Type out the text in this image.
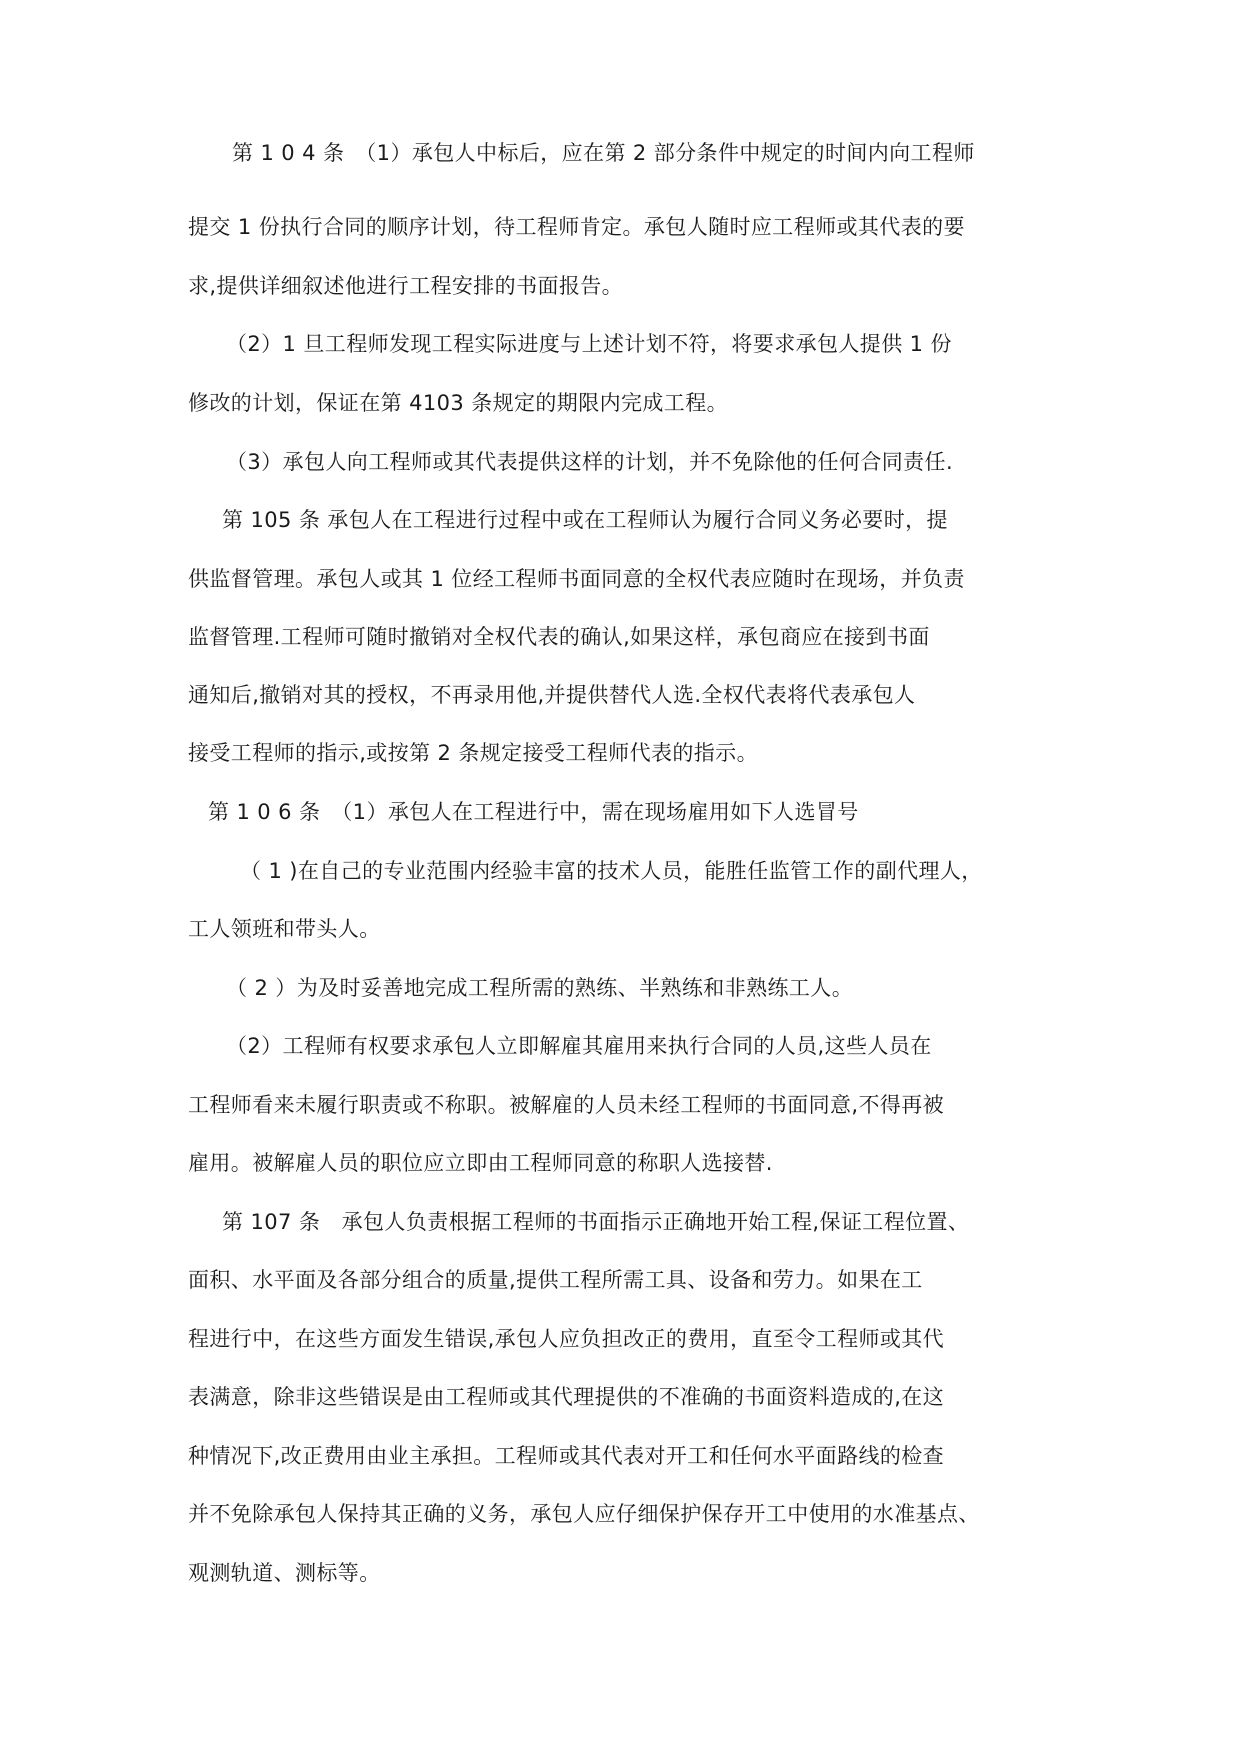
第 1 0 4 条　（1）承包人中标后，应在第 2 部分条件中规定的时间内向工程师
提交 1 份执行合同的顺序计划，待工程师肯定。承包人随时应工程师或其代表的要
求,提供详细叙述他进行工程安排的书面报告。
（2）1 旦工程师发现工程实际进度与上述计划不符，将要求承包人提供 1 份
修改的计划，保证在第 4103 条规定的期限内完成工程。
（3）承包人向工程师或其代表提供这样的计划，并不免除他的任何合同责任.
第 105 条 承包人在工程进行过程中或在工程师认为履行合同义务必要时，提
供监督管理。承包人或其 1 位经工程师书面同意的全权代表应随时在现场，并负责
监督管理.工程师可随时撤销对全权代表的确认,如果这样，承包商应在接到书面
通知后,撤销对其的授权，不再录用他,并提供替代人选.全权代表将代表承包人
接受工程师的指示,或按第 2 条规定接受工程师代表的指示。
第 1 0 6 条　（1）承包人在工程进行中，需在现场雇用如下人选冒号
（ 1 )在自己的专业范围内经验丰富的技术人员，能胜任监管工作的副代理人，
工人领班和带头人。
（ 2 ）为及时妥善地完成工程所需的熟练、半熟练和非熟练工人。
（2）工程师有权要求承包人立即解雇其雇用来执行合同的人员,这些人员在
工程师看来未履行职责或不称职。被解雇的人员未经工程师的书面同意,不得再被
雇用。被解雇人员的职位应立即由工程师同意的称职人选接替.
第 107 条　承包人负责根据工程师的书面指示正确地开始工程,保证工程位置、
面积、水平面及各部分组合的质量,提供工程所需工具、设备和劳力。如果在工
程进行中，在这些方面发生错误,承包人应负担改正的费用，直至令工程师或其代
表满意，除非这些错误是由工程师或其代理提供的不准确的书面资料造成的,在这
种情况下,改正费用由业主承担。工程师或其代表对开工和任何水平面路线的检查
并不免除承包人保持其正确的义务，承包人应仔细保护保存开工中使用的水准基点、
观测轨道、测标等。
